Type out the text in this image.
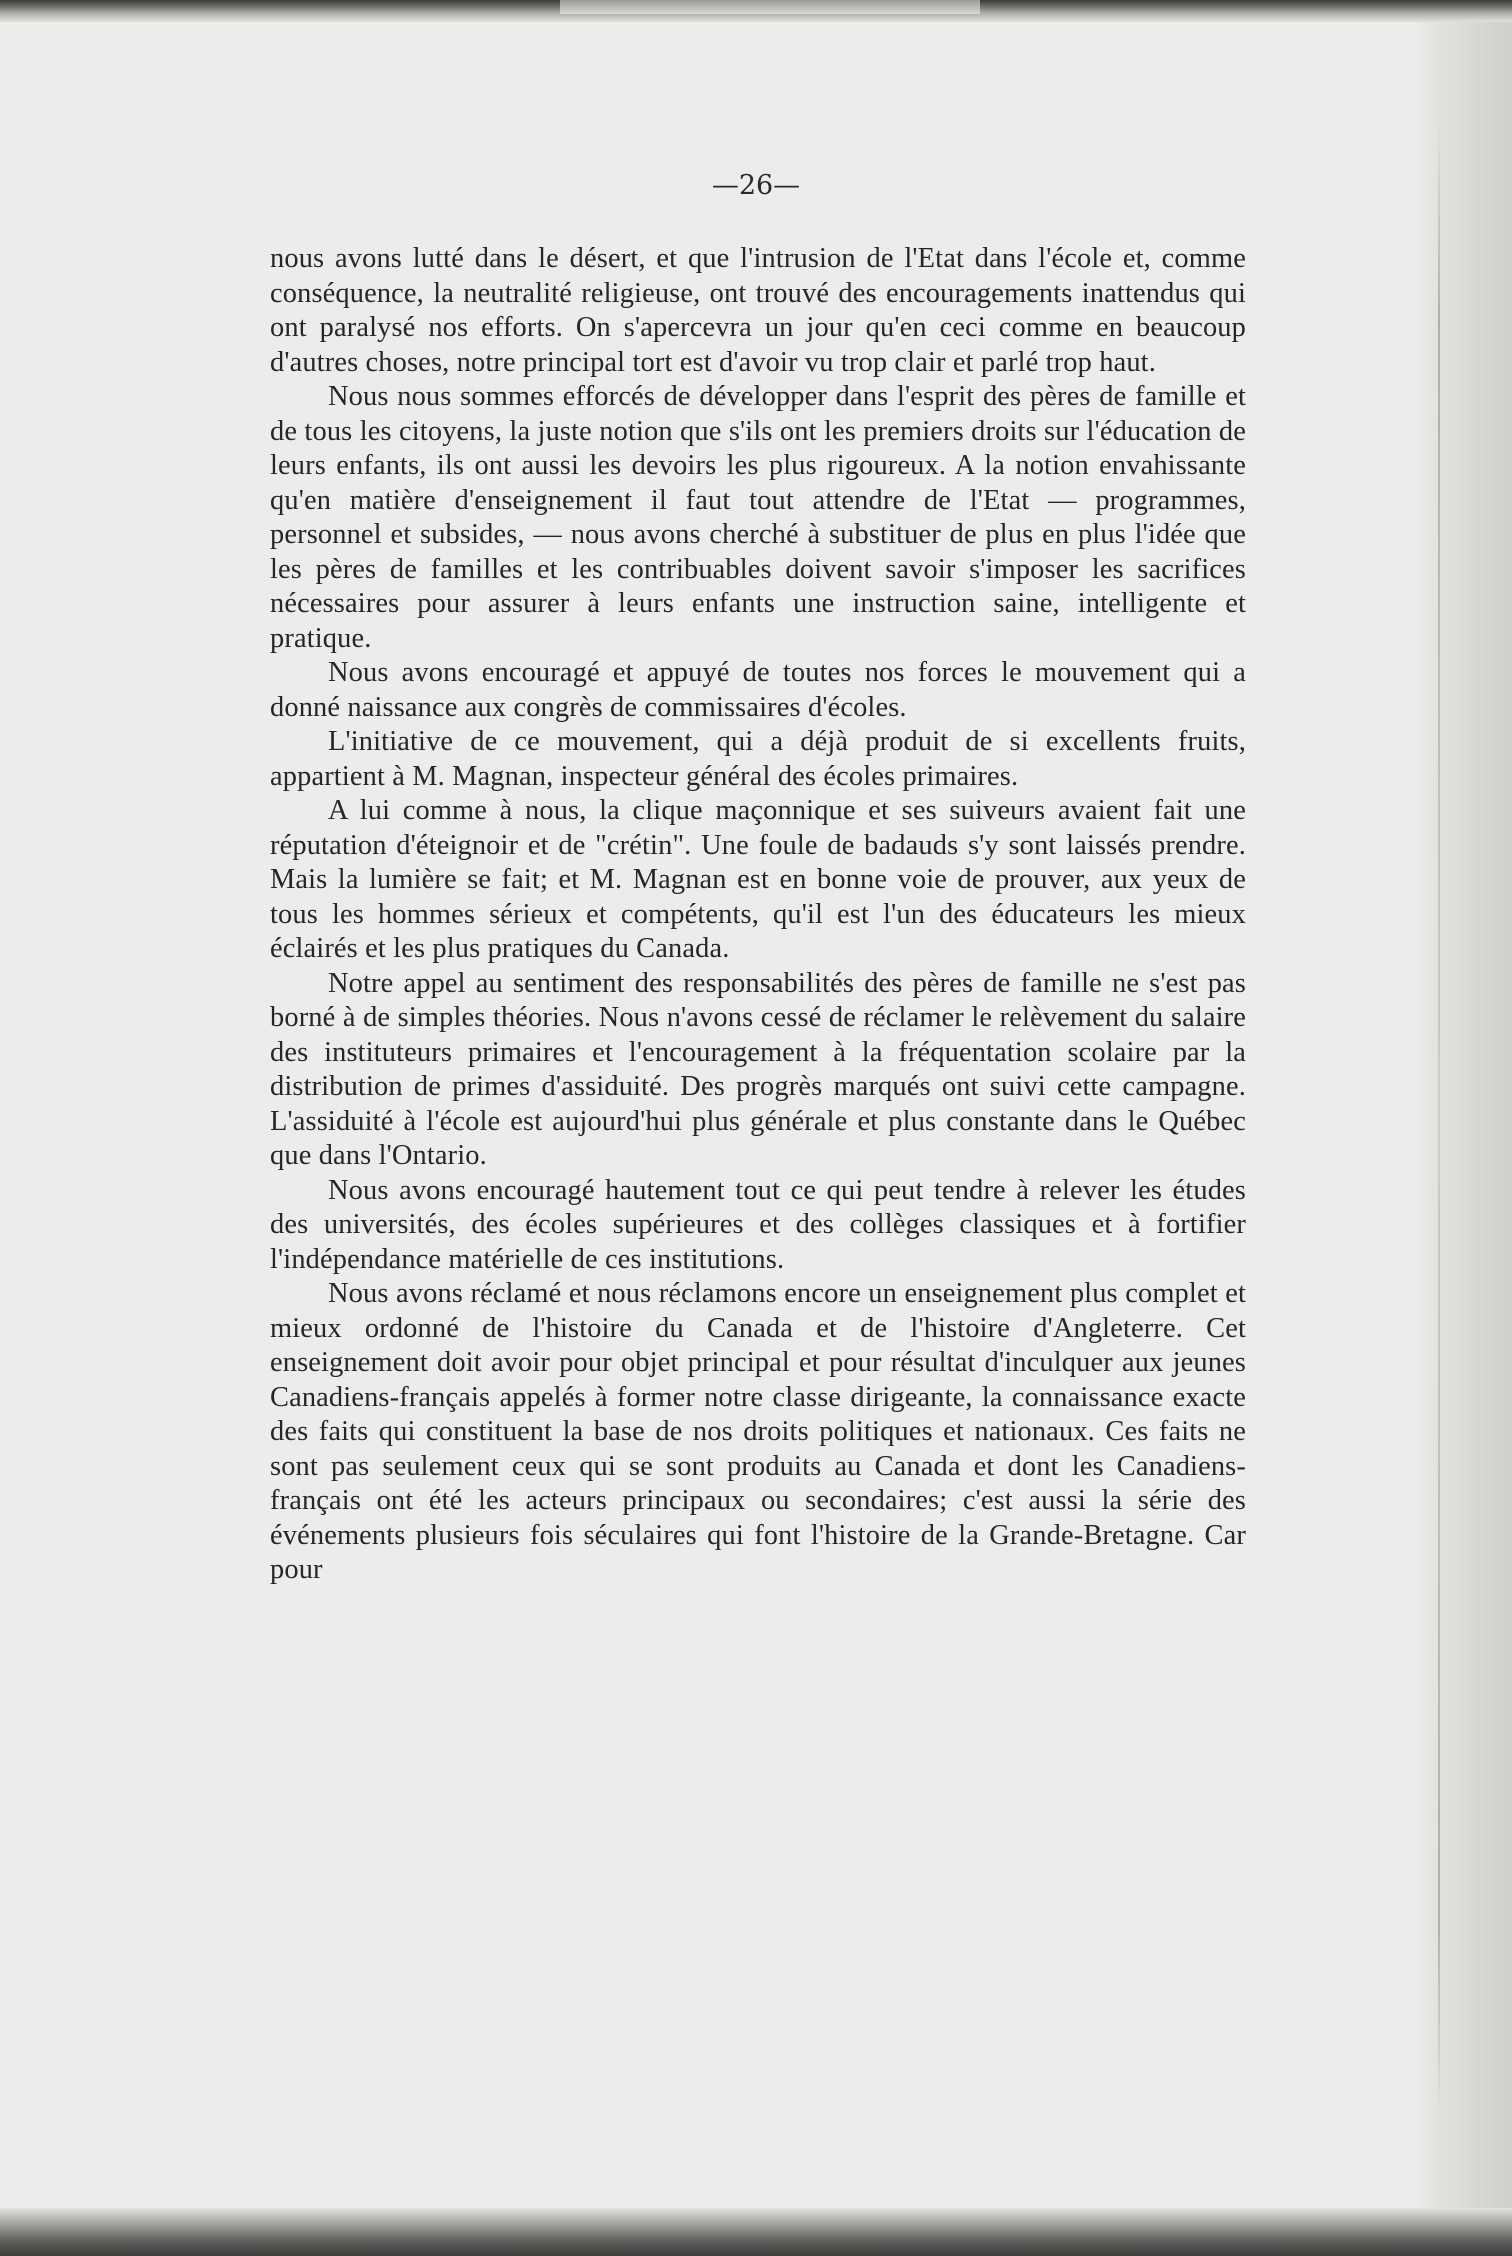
—26—

nous avons lutté dans le désert, et que l'intrusion de l'Etat dans l'école et, comme conséquence, la neutralité religieuse, ont trouvé des encouragements inattendus qui ont paralysé nos efforts. On s'apercevra un jour qu'en ceci comme en beaucoup d'autres choses, notre principal tort est d'avoir vu trop clair et parlé trop haut.

Nous nous sommes efforcés de développer dans l'esprit des pères de famille et de tous les citoyens, la juste notion que s'ils ont les premiers droits sur l'éducation de leurs enfants, ils ont aussi les devoirs les plus rigoureux. A la notion envahissante qu'en matière d'enseignement il faut tout attendre de l'Etat — programmes, personnel et subsides, — nous avons cherché à substituer de plus en plus l'idée que les pères de familles et les contribuables doivent savoir s'imposer les sacrifices nécessaires pour assurer à leurs enfants une instruction saine, intelligente et pratique.

Nous avons encouragé et appuyé de toutes nos forces le mouvement qui a donné naissance aux congrès de commissaires d'écoles.

L'initiative de ce mouvement, qui a déjà produit de si excellents fruits, appartient à M. Magnan, inspecteur général des écoles primaires.

A lui comme à nous, la clique maçonnique et ses suiveurs avaient fait une réputation d'éteignoir et de "crétin". Une foule de badauds s'y sont laissés prendre. Mais la lumière se fait; et M. Magnan est en bonne voie de prouver, aux yeux de tous les hommes sérieux et compétents, qu'il est l'un des éducateurs les mieux éclairés et les plus pratiques du Canada.

Notre appel au sentiment des responsabilités des pères de famille ne s'est pas borné à de simples théories. Nous n'avons cessé de réclamer le relèvement du salaire des instituteurs primaires et l'encouragement à la fréquentation scolaire par la distribution de primes d'assiduité. Des progrès marqués ont suivi cette campagne. L'assiduité à l'école est aujourd'hui plus générale et plus constante dans le Québec que dans l'Ontario.

Nous avons encouragé hautement tout ce qui peut tendre à relever les études des universités, des écoles supérieures et des collèges classiques et à fortifier l'indépendance matérielle de ces institutions.

Nous avons réclamé et nous réclamons encore un enseignement plus complet et mieux ordonné de l'histoire du Canada et de l'histoire d'Angleterre. Cet enseignement doit avoir pour objet principal et pour résultat d'inculquer aux jeunes Canadiens-français appelés à former notre classe dirigeante, la connaissance exacte des faits qui constituent la base de nos droits politiques et nationaux. Ces faits ne sont pas seulement ceux qui se sont produits au Canada et dont les Canadiens-français ont été les acteurs principaux ou secondaires; c'est aussi la série des événements plusieurs fois séculaires qui font l'histoire de la Grande-Bretagne. Car pour
